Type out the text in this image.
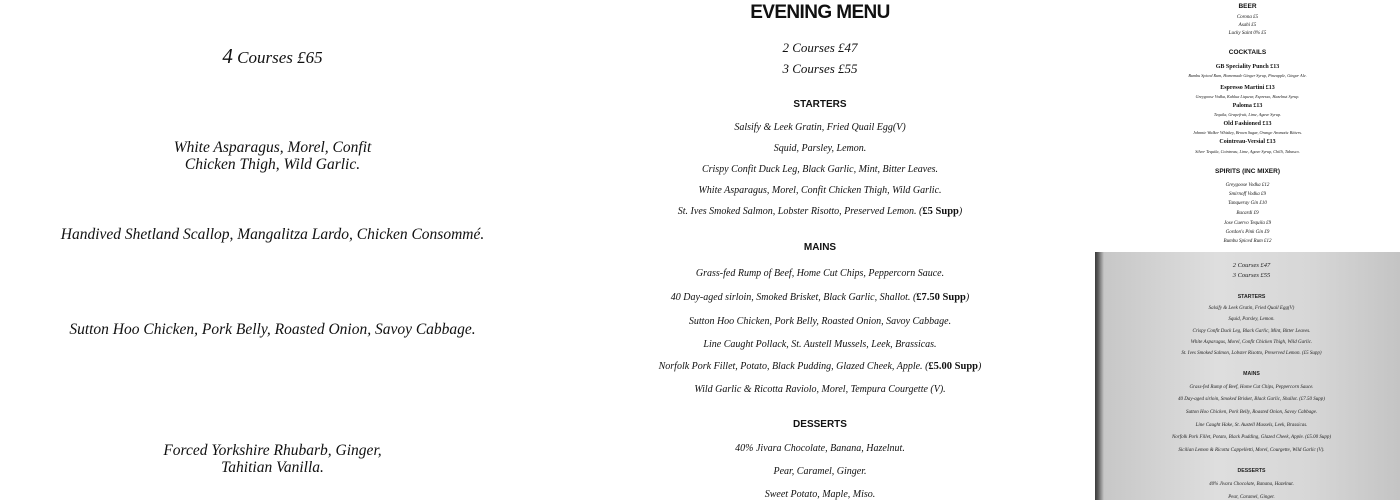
4 Courses £65
White Asparagus, Morel, Confit Chicken Thigh, Wild Garlic.
Handived Shetland Scallop, Mangalitza Lardo, Chicken Consommé.
Sutton Hoo Chicken, Pork Belly, Roasted Onion, Savoy Cabbage.
Forced Yorkshire Rhubarb, Ginger, Tahitian Vanilla.
EVENING MENU
2 Courses £47
3 Courses £55
STARTERS
Salsify & Leek Gratin, Fried Quail Egg(V)
Squid, Parsley, Lemon.
Crispy Confit Duck Leg, Black Garlic, Mint, Bitter Leaves.
White Asparagus, Morel, Confit Chicken Thigh, Wild Garlic.
St. Ives Smoked Salmon, Lobster Risotto, Preserved Lemon. (£5 Supp)
MAINS
Grass-fed Rump of Beef, Home Cut Chips, Peppercorn Sauce.
40 Day-aged sirloin, Smoked Brisket, Black Garlic, Shallot. (£7.50 Supp)
Sutton Hoo Chicken, Pork Belly, Roasted Onion, Savoy Cabbage.
Line Caught Pollack, St. Austell Mussels, Leek, Brassicas.
Norfolk Pork Fillet, Potato, Black Pudding, Glazed Cheek, Apple. (£5.00 Supp)
Wild Garlic & Ricotta Raviolo, Morel, Tempura Courgette (V).
DESSERTS
40% Jivara Chocolate, Banana, Hazelnut.
Pear, Caramel, Ginger.
Sweet Potato, Maple, Miso.
BEER
Corona £5
Asahi £5
Lucky Saint 0% £5
COCKTAILS
GB Speciality Punch £13
Bumbu Spiced Rum, Homemade Ginger Syrup, Pineapple, Ginger Ale.
Espresso Martini £13
Greygoose Vodka, Kahlua Liqueur, Espresso, Hazelnut Syrup.
Paloma £13
Tequila, Grapefruit, Lime, Agave Syrup.
Old Fashioned £13
Johnnie Walker Whiskey, Brown Sugar, Orange Aromatic Bitters.
Cointreau-Versial £13
Silver Tequila, Cointreau, Lime, Agave Syrup, Chilli, Tabasco.
SPIRITS (INC MIXER)
Greygoose Vodka £12
Smirnoff Vodka £9
Tanqueray Gin £10
Bacardi £9
Jose Cuervo Tequila £9
Gordon's Pink Gin £9
Bumbu Spiced Rum £12
2 Courses £47
3 Courses £55
STARTERS
Salsify & Leek Gratin, Fried Quail Egg(V)
Squid, Parsley, Lemon.
Crispy Confit Duck Leg, Black Garlic, Mint, Bitter Leaves.
White Asparagus, Morel, Confit Chicken Thigh, Wild Garlic.
St. Ives Smoked Salmon, Lobster Risotto, Preserved Lemon. (£5 Supp)
MAINS
Grass-fed Rump of Beef, Home Cut Chips, Peppercorn Sauce.
40 Day-aged sirloin, Smoked Brisket, Black Garlic, Shallot. (£7.50 Supp)
Sutton Hoo Chicken, Pork Belly, Roasted Onion, Savoy Cabbage.
Line Caught Hake, St. Austell Mussels, Leek, Brassicas.
Norfolk Pork Fillet, Potato, Black Pudding, Glazed Cheek, Apple. (£5.00 Supp)
Sicilian Lemon & Ricotta Cappelletti, Morel, Courgette, Wild Garlic (V).
DESSERTS
40% Jivara Chocolate, Banana, Hazelnut.
Pear, Caramel, Ginger.
